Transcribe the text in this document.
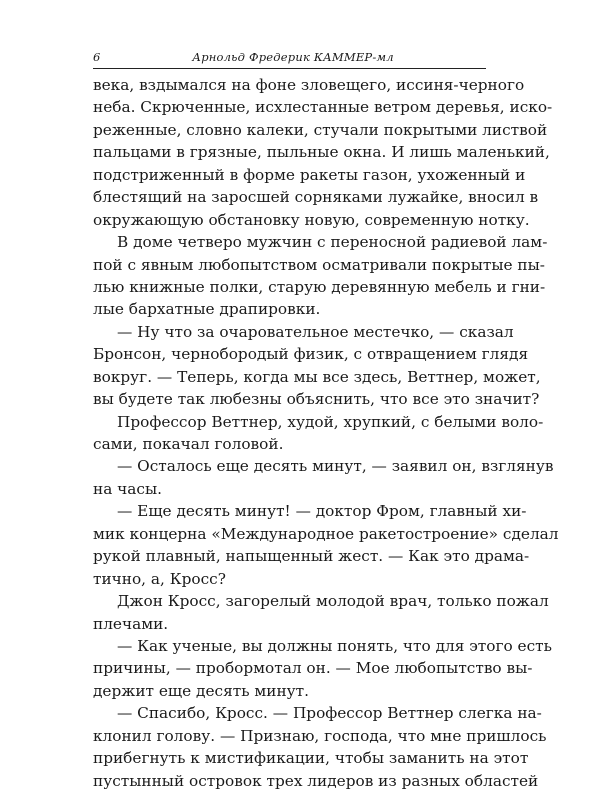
6	Арнольд Фредерик КАММЕР-мл
века, вздымался на фоне зловещего, иссиня-черного
неба. Скрюченные, исхлестанные ветром деревья, иско-
реженные, словно калеки, стучали покрытыми листвой
пальцами в грязные, пыльные окна. И лишь маленький,
подстриженный в форме ракеты газон, ухоженный и
блестящий на заросшей сорняками лужайке, вносил в
окружающую обстановку новую, современную нотку.
В доме четверо мужчин с переносной радиевой лам-
пой с явным любопытством осматривали покрытые пы-
лью книжные полки, старую деревянную мебель и гни-
лые бархатные драпировки.
— Ну что за очаровательное местечко, — сказал
Бронсон, чернобородый физик, с отвращением глядя
вокруг. — Теперь, когда мы все здесь, Веттнер, может,
вы будете так любезны объяснить, что все это значит?
Профессор Веттнер, худой, хрупкий, с белыми воло-
сами, покачал головой.
— Осталось еще десять минут, — заявил он, взглянув
на часы.
— Еще десять минут! — доктор Фром, главный хи-
мик концерна «Международное ракетостроение» сделал
рукой плавный, напыщенный жест. — Как это драма-
тично, а, Кросс?
Джон Кросс, загорелый молодой врач, только пожал
плечами.
— Как ученые, вы должны понять, что для этого есть
причины, — пробормотал он. — Мое любопытство вы-
держит еще десять минут.
— Спасибо, Кросс. — Профессор Веттнер слегка на-
клонил голову. — Признаю, господа, что мне пришлось
прибегнуть к мистификации, чтобы заманить на этот
пустынный островок трех лидеров из разных областей
